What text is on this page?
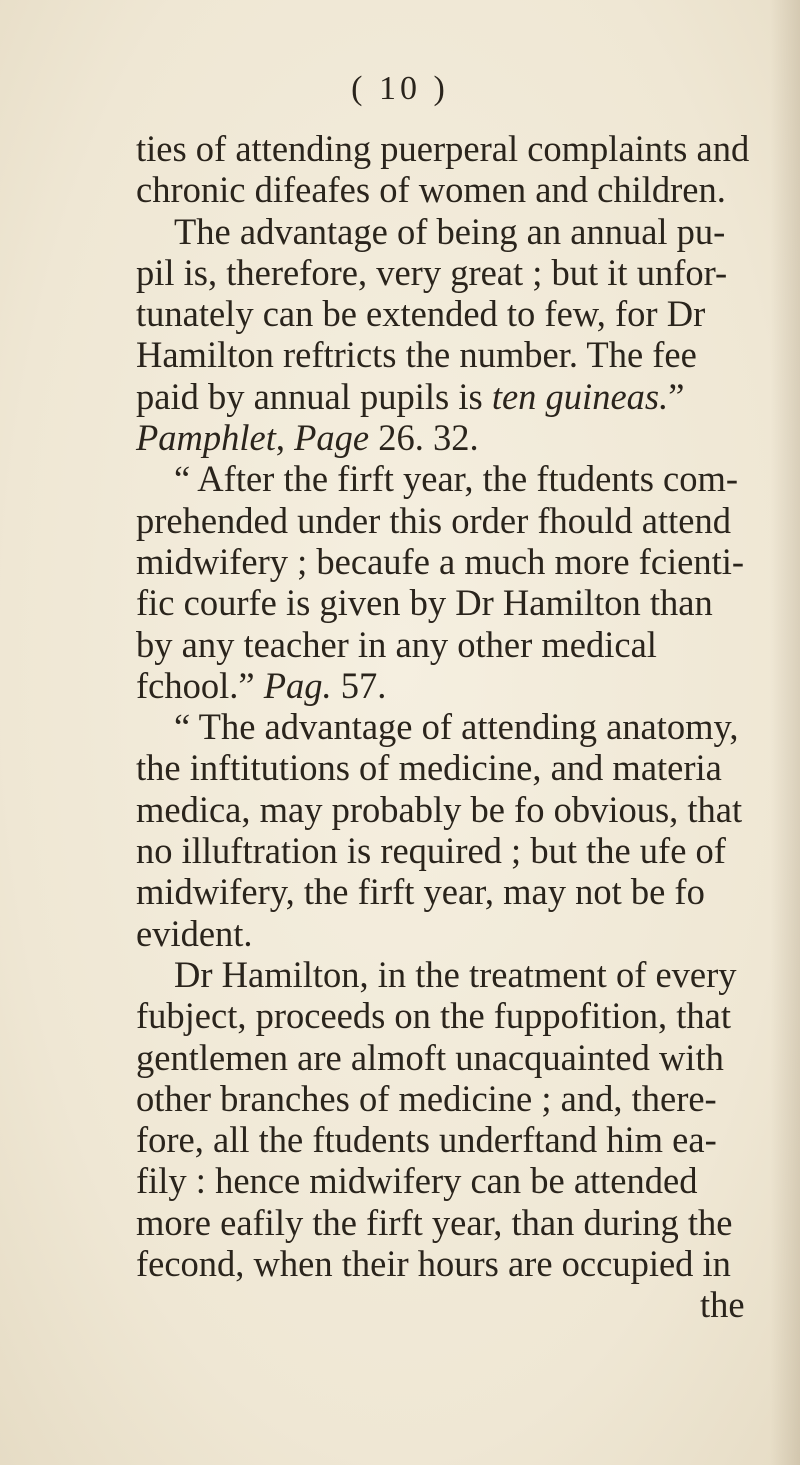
( 10 )
ties of attending puerperal complaints and
chronic difeafes of women and children.
The advantage of being an annual pu-
pil is, therefore, very great ; but it unfor-
tunately can be extended to few, for Dr
Hamilton reftricts the number. The fee
paid by annual pupils is ten guineas.”
Pamphlet, Page 26. 32.
“ After the firft year, the ftudents com-
prehended under this order fhould attend
midwifery ; becaufe a much more fcienti-
fic courfe is given by Dr Hamilton than
by any teacher in any other medical
fchool.” Pag. 57.
“ The advantage of attending anatomy,
the inftitutions of medicine, and materia
medica, may probably be fo obvious, that
no illuftration is required ; but the ufe of
midwifery, the firft year, may not be fo
evident.
Dr Hamilton, in the treatment of every
fubject, proceeds on the fuppofition, that
gentlemen are almoft unacquainted with
other branches of medicine ; and, there-
fore, all the ftudents underftand him ea-
fily : hence midwifery can be attended
more eafily the firft year, than during the
fecond, when their hours are occupied in
the
